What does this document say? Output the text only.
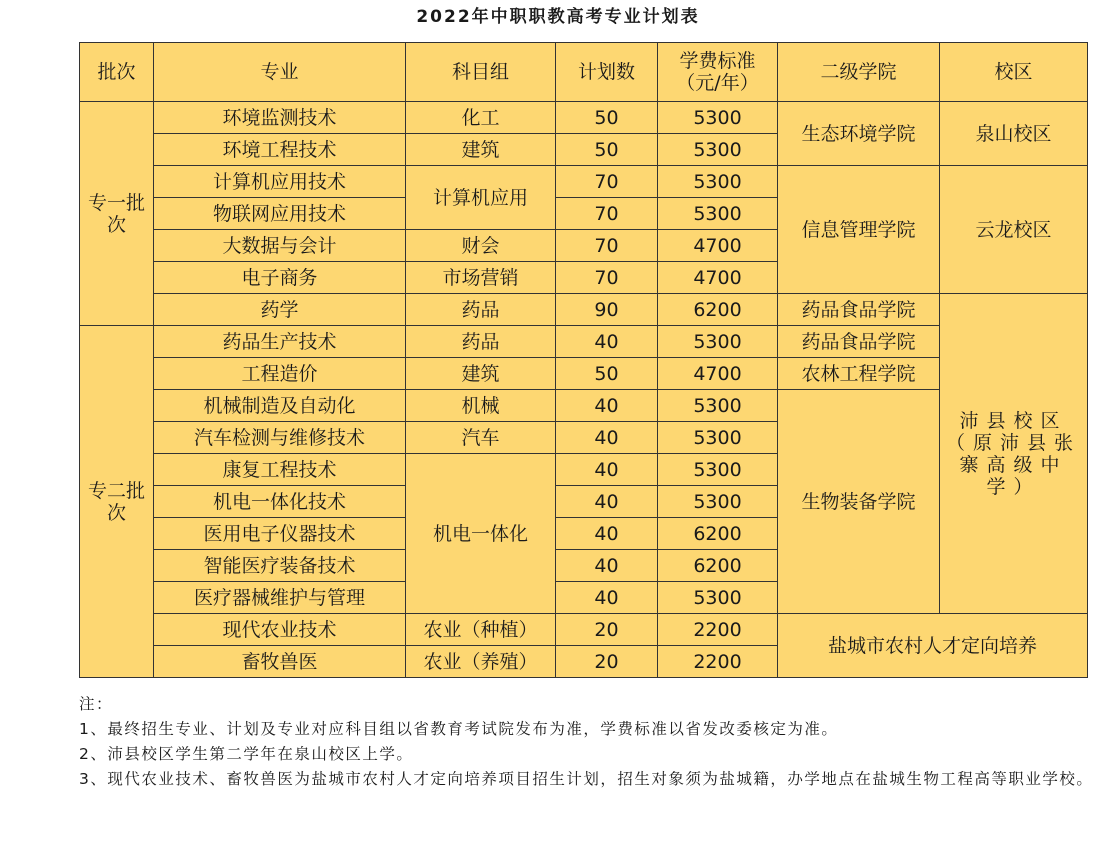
2022年中职职教高考专业计划表
批次	专业	科目组	计划数	学费标准（元/年）	二级学院	校区
专一批次	环境监测技术	化工	50	5300	生态环境学院	泉山校区
	环境工程技术	建筑	50	5300		
	计算机应用技术	计算机应用	70	5300	信息管理学院	云龙校区
	物联网应用技术		70	5300		
	大数据与会计	财会	70	4700		
	电子商务	市场营销	70	4700		
	药学	药品	90	6200	药品食品学院	沛县校区（原沛县张寨高级中学）
专二批次	药品生产技术	药品	40	5300	药品食品学院	
	工程造价	建筑	50	4700	农林工程学院	
	机械制造及自动化	机械	40	5300	生物装备学院	
	汽车检测与维修技术	汽车	40	5300		
	康复工程技术	机电一体化	40	5300		
	机电一体化技术		40	5300		
	医用电子仪器技术		40	6200		
	智能医疗装备技术		40	6200		
	医疗器械维护与管理		40	5300		
	现代农业技术	农业（种植）	20	2200	盐城市农村人才定向培养	
	畜牧兽医	农业（养殖）	20	2200		

注：

1、最终招生专业、计划及专业对应科目组以省教育考试院发布为准，学费标准以省发改委核定为准。

2、沛县校区学生第二学年在泉山校区上学。

3、现代农业技术、畜牧兽医为盐城市农村人才定向培养项目招生计划，招生对象须为盐城籍，办学地点在盐城生物工程高等职业学校。
